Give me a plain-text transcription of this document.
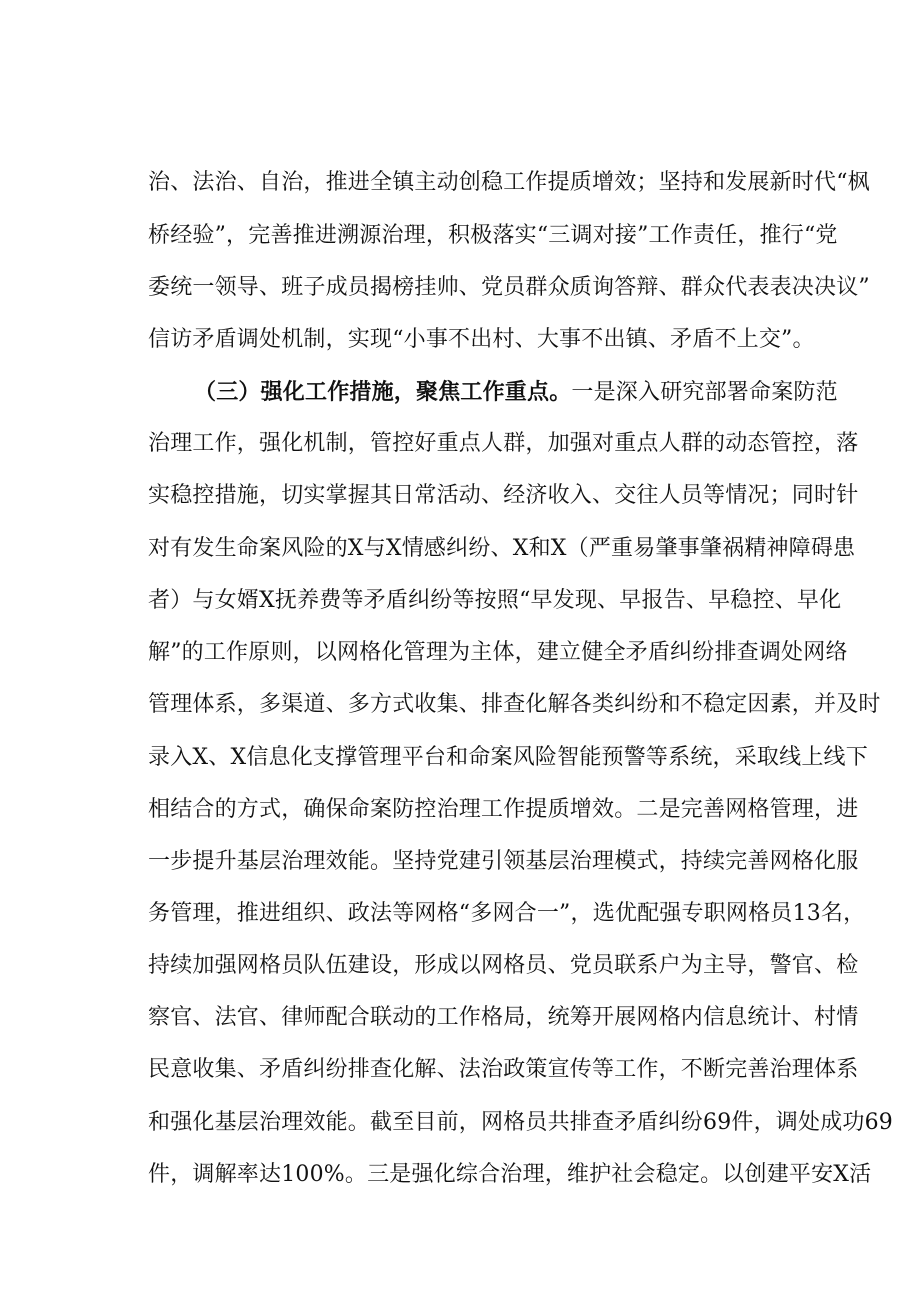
治、法治、自治，推进全镇主动创稳工作提质增效；坚持和发展新时代“枫
桥经验”，完善推进溯源治理，积极落实“三调对接”工作责任，推行“党
委统一领导、班子成员揭榜挂帅、党员群众质询答辩、群众代表表决决议”
信访矛盾调处机制，实现“小事不出村、大事不出镇、矛盾不上交”。
（三）强化工作措施，聚焦工作重点。一是深入研究部署命案防范
治理工作，强化机制，管控好重点人群，加强对重点人群的动态管控，落
实稳控措施，切实掌握其日常活动、经济收入、交往人员等情况；同时针
对有发生命案风险的X与X情感纠纷、X和X（严重易肇事肇祸精神障碍患
者）与女婿X抚养费等矛盾纠纷等按照“早发现、早报告、早稳控、早化
解”的工作原则，以网格化管理为主体，建立健全矛盾纠纷排查调处网络
管理体系，多渠道、多方式收集、排查化解各类纠纷和不稳定因素，并及时
录入X、X信息化支撑管理平台和命案风险智能预警等系统，采取线上线下
相结合的方式，确保命案防控治理工作提质增效。二是完善网格管理，进
一步提升基层治理效能。坚持党建引领基层治理模式，持续完善网格化服
务管理，推进组织、政法等网格“多网合一”，选优配强专职网格员13名，
持续加强网格员队伍建设，形成以网格员、党员联系户为主导，警官、检
察官、法官、律师配合联动的工作格局，统筹开展网格内信息统计、村情
民意收集、矛盾纠纷排查化解、法治政策宣传等工作，不断完善治理体系
和强化基层治理效能。截至目前，网格员共排查矛盾纠纷69件，调处成功69
件，调解率达100%。三是强化综合治理，维护社会稳定。以创建平安X活
